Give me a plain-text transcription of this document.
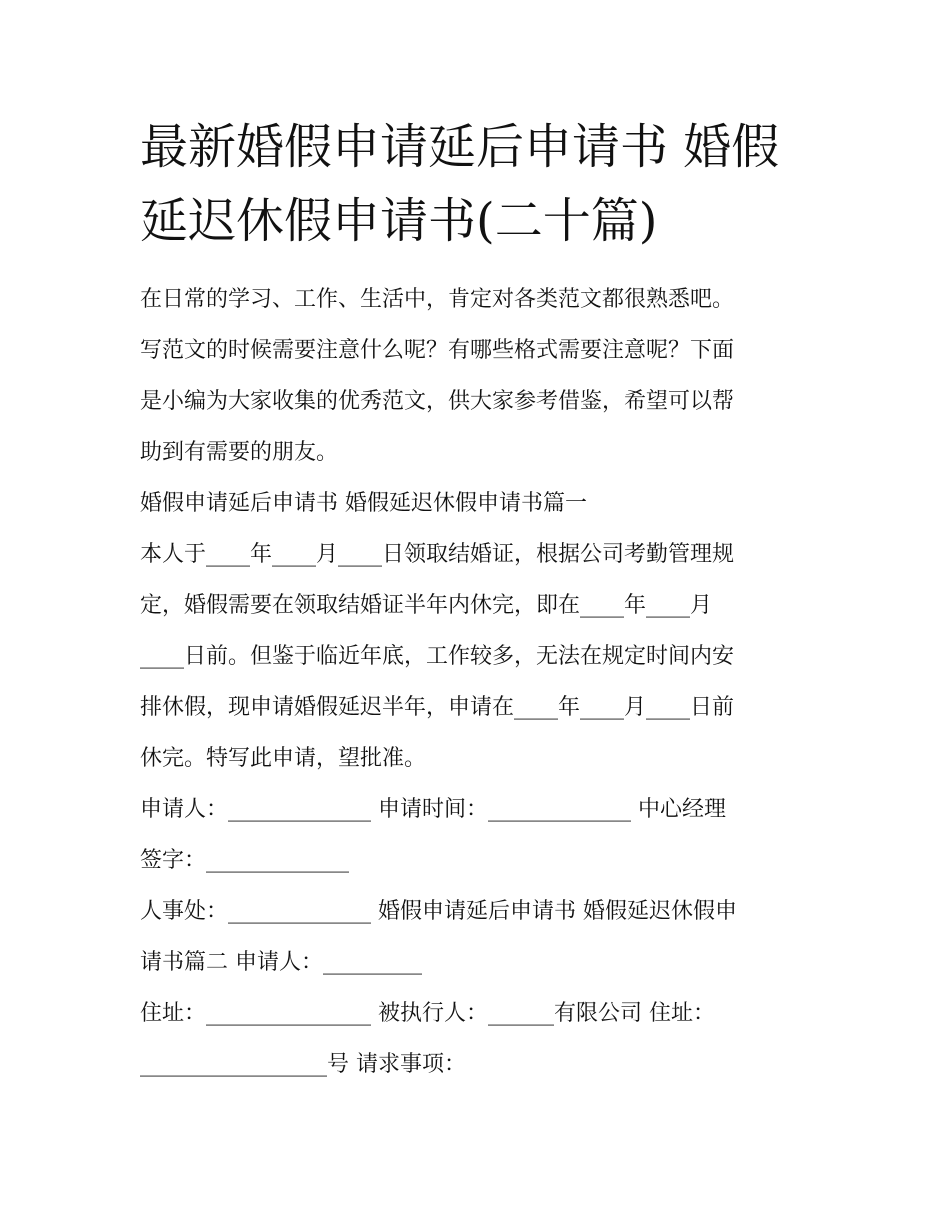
最新婚假申请延后申请书 婚假
延迟休假申请书(二十篇)
在日常的学习、工作、生活中，肯定对各类范文都很熟悉吧。
写范文的时候需要注意什么呢？有哪些格式需要注意呢？下面
是小编为大家收集的优秀范文，供大家参考借鉴，希望可以帮
助到有需要的朋友。
婚假申请延后申请书 婚假延迟休假申请书篇一
本人于____年____月____日领取结婚证，根据公司考勤管理规
定，婚假需要在领取结婚证半年内休完，即在____年____月
____日前。但鉴于临近年底，工作较多，无法在规定时间内安
排休假，现申请婚假延迟半年，申请在____年____月____日前
休完。特写此申请，望批准。
申请人：_____________ 申请时间：_____________ 中心经理
签字：_____________
人事处：_____________ 婚假申请延后申请书 婚假延迟休假申
请书篇二 申请人：_________
住址：_______________ 被执行人：______有限公司 住址：
_________________号 请求事项：
